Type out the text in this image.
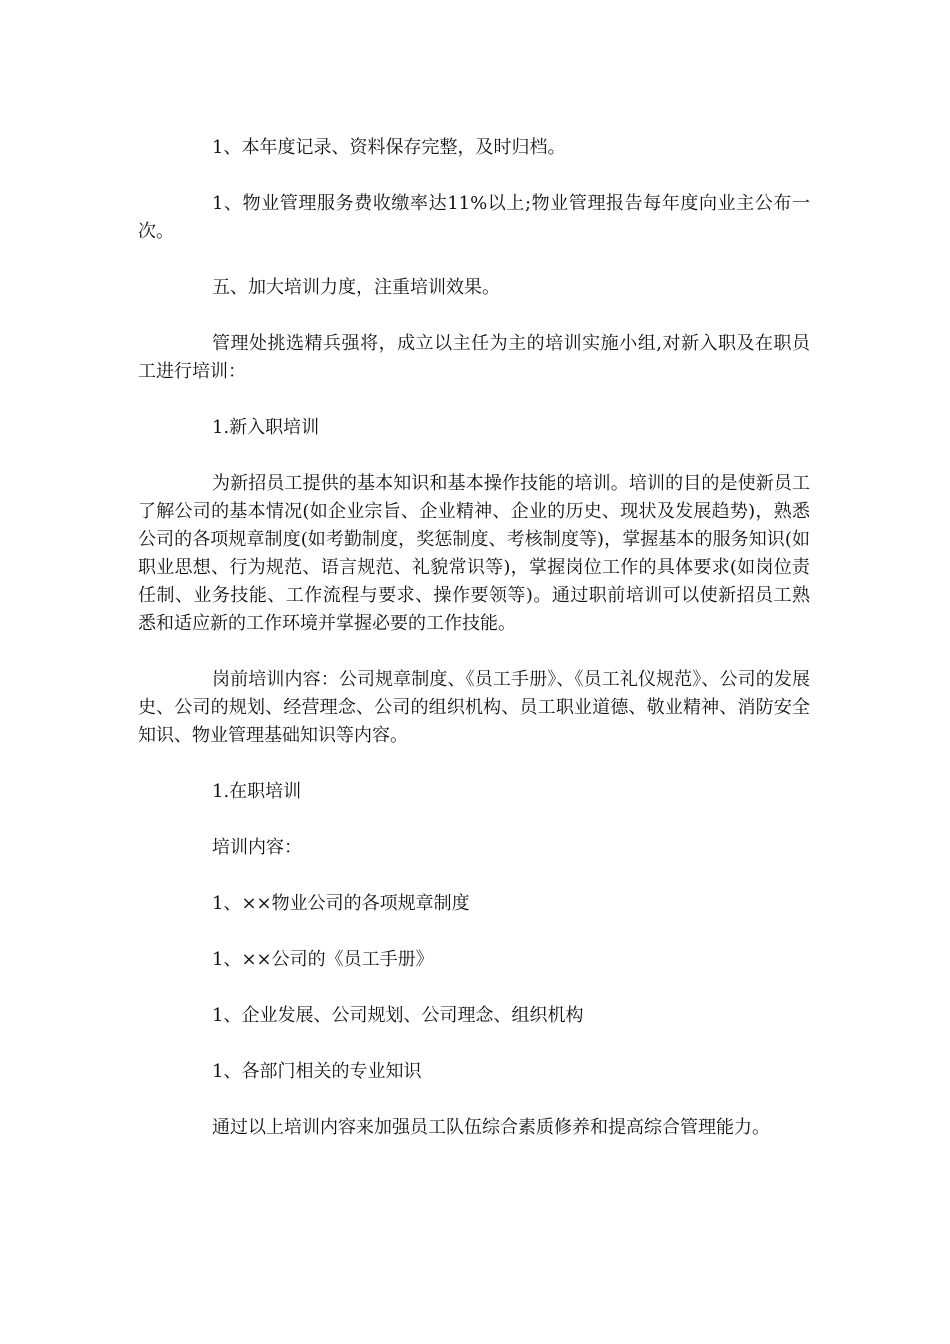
1、本年度记录、资料保存完整，及时归档。

1、物业管理服务费收缴率达11%以上;物业管理报告每年度向业主公布一次。

五、加大培训力度，注重培训效果。

管理处挑选精兵强将，成立以主任为主的培训实施小组,对新入职及在职员工进行培训：

1.新入职培训

为新招员工提供的基本知识和基本操作技能的培训。培训的目的是使新员工了解公司的基本情况(如企业宗旨、企业精神、企业的历史、现状及发展趋势)，熟悉公司的各项规章制度(如考勤制度，奖惩制度、考核制度等)，掌握基本的服务知识(如职业思想、行为规范、语言规范、礼貌常识等)，掌握岗位工作的具体要求(如岗位责任制、业务技能、工作流程与要求、操作要领等)。通过职前培训可以使新招员工熟悉和适应新的工作环境并掌握必要的工作技能。

岗前培训内容：公司规章制度、《员工手册》、《员工礼仪规范》、公司的发展史、公司的规划、经营理念、公司的组织机构、员工职业道德、敬业精神、消防安全知识、物业管理基础知识等内容。

1.在职培训

培训内容：

1、××物业公司的各项规章制度

1、××公司的《员工手册》

1、企业发展、公司规划、公司理念、组织机构

1、各部门相关的专业知识

通过以上培训内容来加强员工队伍综合素质修养和提高综合管理能力。
